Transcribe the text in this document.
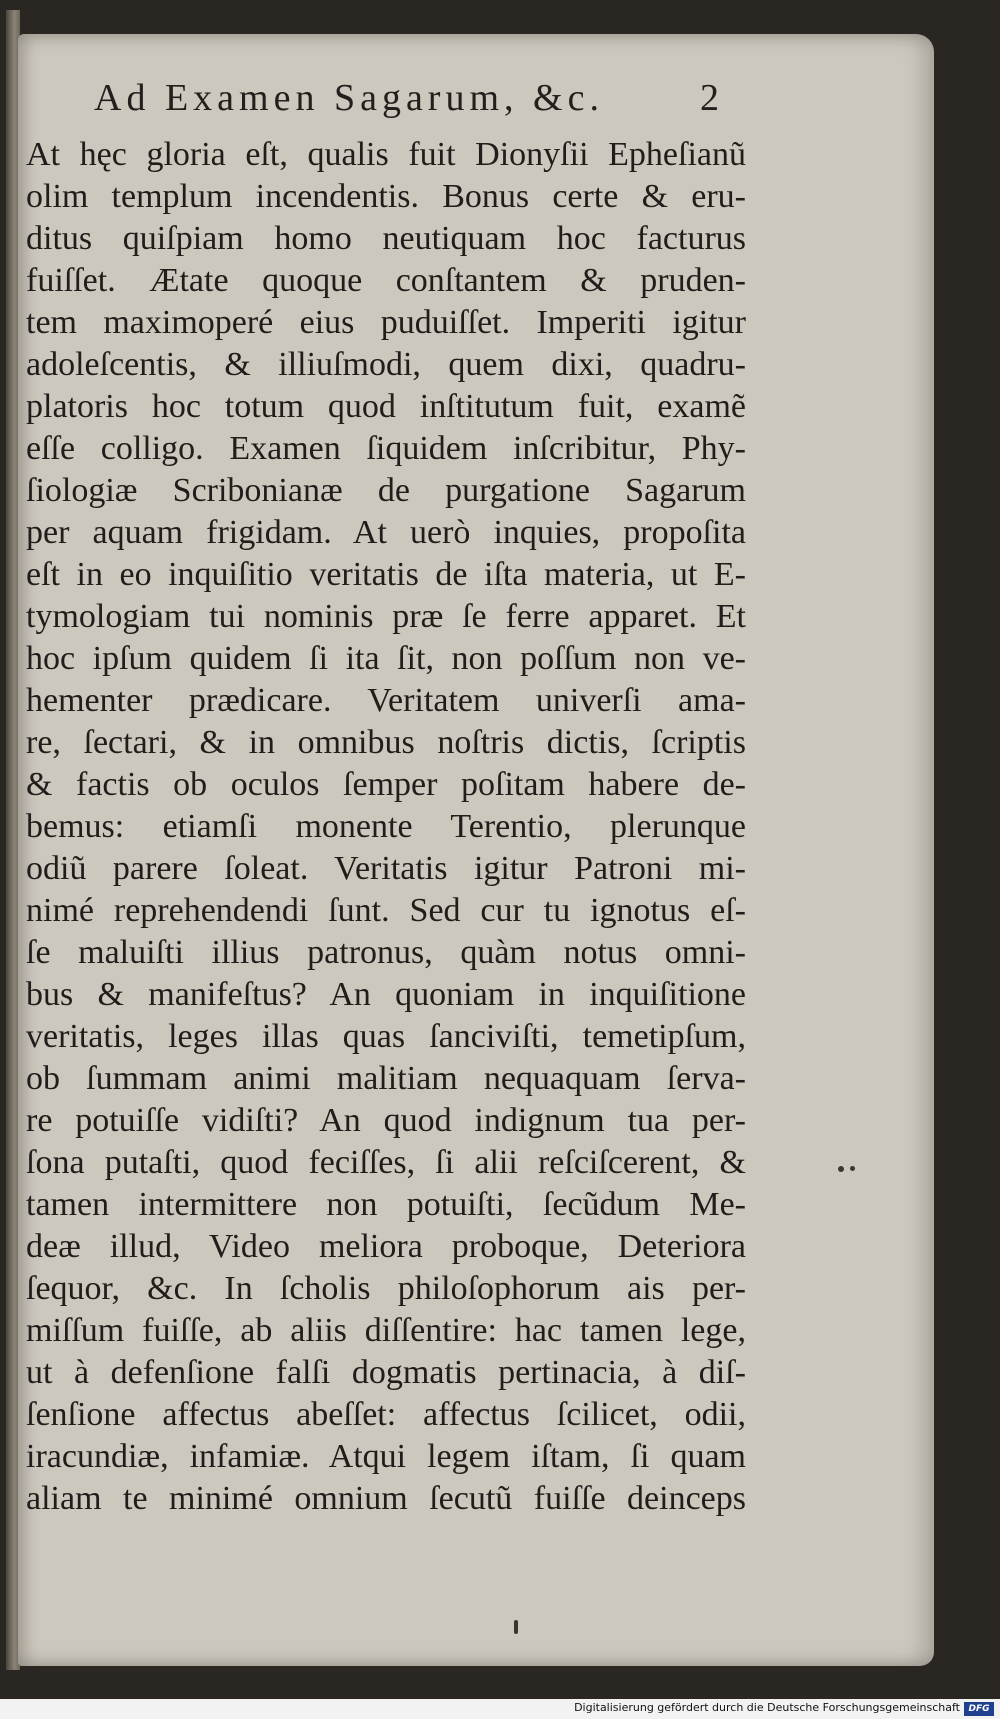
Ad Examen Sagarum, &c.	2
At hęc gloria eſt, qualis fuit Dionyſii Epheſianũ
olim templum incendentis. Bonus certe & eru-
ditus quiſpiam homo neutiquam hoc facturus
fuiſſet. Ætate quoque conſtantem & pruden-
tem maximoperé eius puduiſſet. Imperiti igitur
adoleſcentis, & illiuſmodi, quem dixi, quadru-
platoris hoc totum quod inſtitutum fuit, examẽ
eſſe colligo. Examen ſiquidem inſcribitur, Phy-
ſiologiæ Scribonianæ de purgatione Sagarum
per aquam frigidam. At uerò inquies, propoſita
eſt in eo inquiſitio veritatis de iſta materia, ut E-
tymologiam tui nominis præ ſe ferre apparet. Et
hoc ipſum quidem ſi ita ſit, non poſſum non ve-
hementer prædicare. Veritatem univerſi ama-
re, ſectari, & in omnibus noſtris dictis, ſcriptis
& factis ob oculos ſemper poſitam habere de-
bemus: etiamſi monente Terentio, plerunque
odiũ parere ſoleat. Veritatis igitur Patroni mi-
nimé reprehendendi ſunt. Sed cur tu ignotus eſ-
ſe maluiſti illius patronus, quàm notus omni-
bus & manifeſtus? An quoniam in inquiſitione
veritatis, leges illas quas ſanciviſti, temetipſum,
ob ſummam animi malitiam nequaquam ſerva-
re potuiſſe vidiſti? An quod indignum tua per-
ſona putaſti, quod feciſſes, ſi alii reſciſcerent, &
tamen intermittere non potuiſti, ſecũdum Me-
deæ illud, Video meliora proboque, Deteriora
ſequor, &c. In ſcholis philoſophorum ais per-
miſſum fuiſſe, ab aliis diſſentire: hac tamen lege,
ut à defenſione falſi dogmatis pertinacia, à diſ-
ſenſione affectus abeſſet: affectus ſcilicet, odii,
iracundiæ, infamiæ. Atqui legem iſtam, ſi quam
aliam te minimé omnium ſecutũ fuiſſe deinceps
Digitalisierung gefördert durch die Deutsche Forschungsgemeinschaft DFG
